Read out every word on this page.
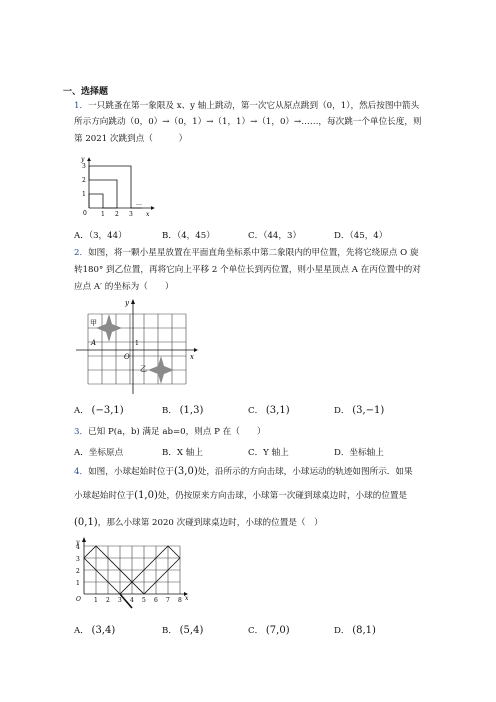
一、选择题
1．一只跳蚤在第一象限及 x、y 轴上跳动，第一次它从原点跳到（0，1），然后按图中箭头
所示方向跳动（0，0）→（0，1）→（1，1）→（1，0）→……，每次跳一个单位长度，则
第 2021 次跳到点（　　　）
y
3
2
1
0 1 2 3 x
…
A．（3，44）	B．（4，45）	C．（44，3）	D．（45，4）
2．如图，将一颗小星星放置在平面直角坐标系中第二象限内的甲位置，先将它绕原点 O 旋
转180° 到乙位置，再将它向上平移 2 个单位长到丙位置，则小星星顶点 A 在丙位置中的对
应点 A′ 的坐标为（　　）
甲
乙
A
O
1
x
y
A． (−3,1)	B． (1,3)	C． (3,1)	D． (3,−1)
3．已知 P(a，b) 满足 ab=0，则点 P 在（　　）
A．坐标原点	B．X 轴上	C．Y 轴上	D．坐标轴上
4．如图，小球起始时位于(3,0)处，沿所示的方向击球，小球运动的轨迹如图所示．如果
小球起始时位于(1,0)处，仍按原来方向击球，小球第一次碰到球桌边时，小球的位置是
(0,1)，那么小球第 2020 次碰到球桌边时，小球的位置是（　）
y
4
3
2
1
O 1 2 3 4 5 6 7 8 x
A． (3,4)	B． (5,4)	C． (7,0)	D． (8,1)
